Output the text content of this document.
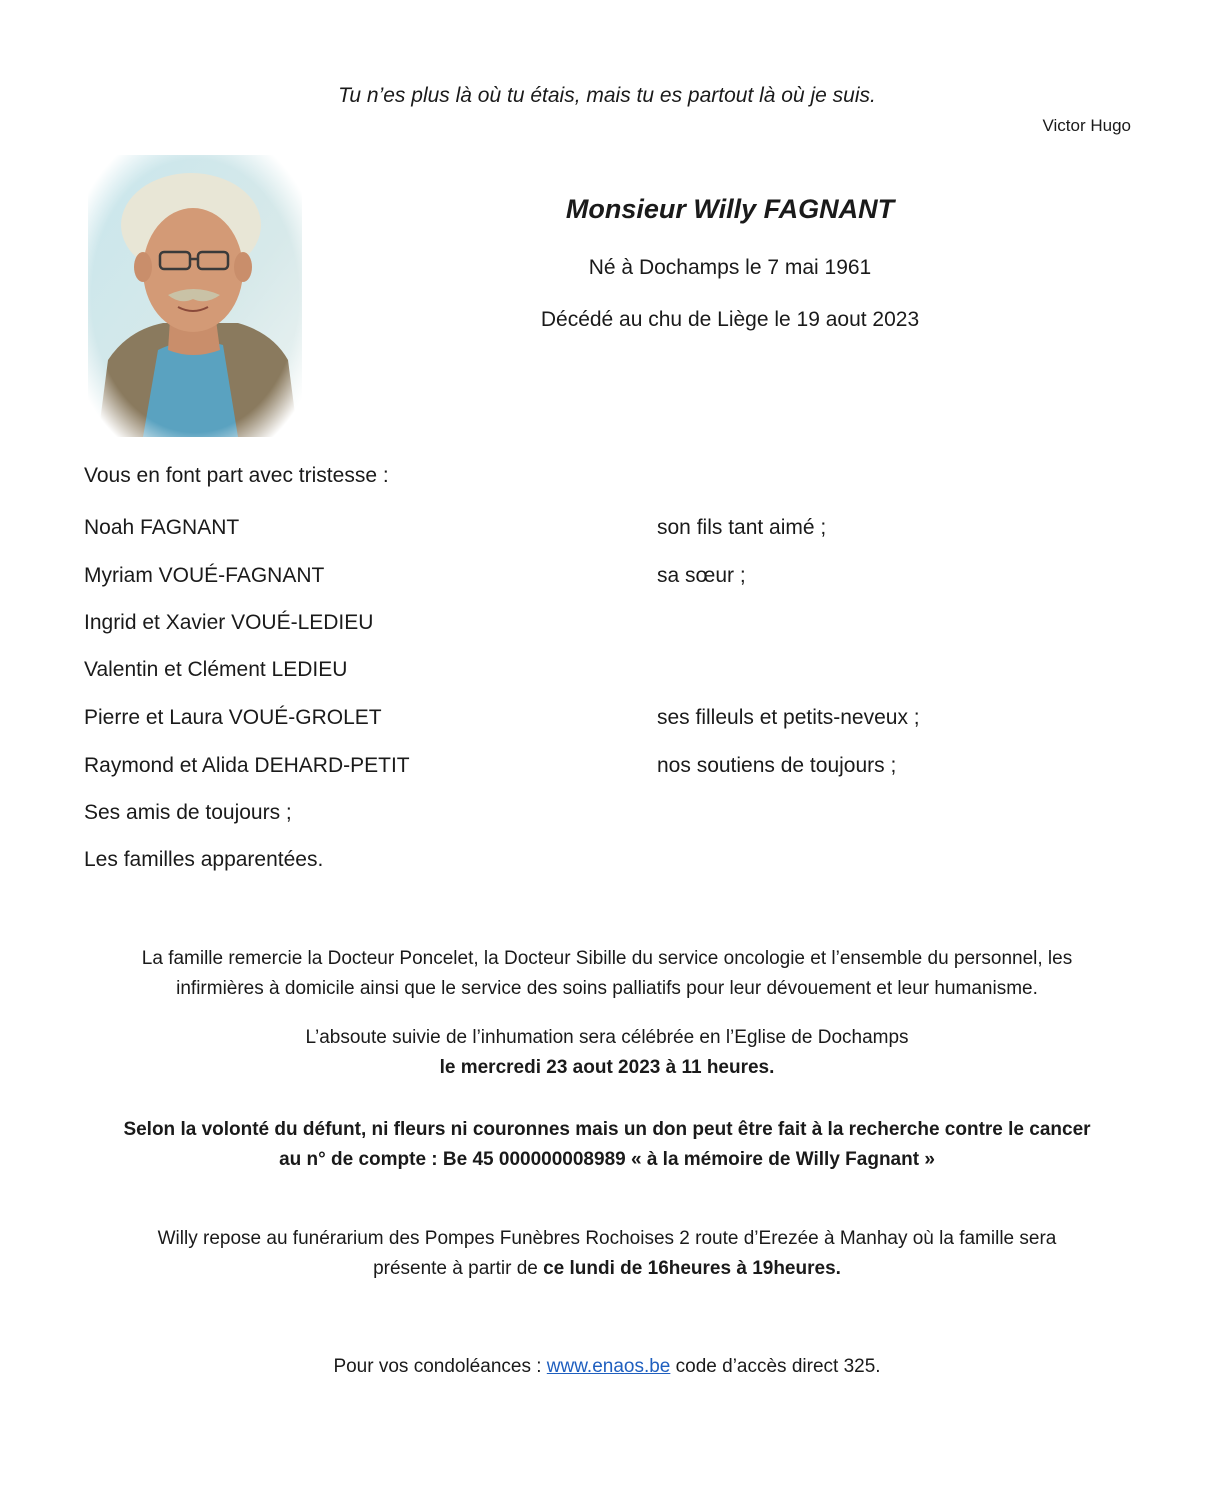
Tu n’es plus là où tu étais, mais tu es partout là où je suis.
Victor Hugo
Monsieur Willy FAGNANT
Né à Dochamps le 7 mai 1961
Décédé au chu de Liège le 19 aout 2023
Vous en font part avec tristesse :
Noah FAGNANT	son fils tant aimé ;
Myriam VOUÉ-FAGNANT	sa sœur ;
Ingrid et Xavier VOUÉ-LEDIEU
Valentin et Clément LEDIEU
Pierre et Laura VOUÉ-GROLET	ses filleuls et petits-neveux ;
Raymond et Alida DEHARD-PETIT	nos soutiens de toujours ;
Ses amis de toujours ;
Les familles apparentées.

La famille remercie la Docteur Poncelet, la Docteur Sibille du service oncologie et l’ensemble du personnel, les

infirmières à domicile ainsi que le service des soins palliatifs pour leur dévouement et leur humanisme.

L’absoute suivie de l’inhumation sera célébrée en l’Eglise de Dochamps

le mercredi 23 aout 2023 à 11 heures.

Selon la volonté du défunt, ni fleurs ni couronnes mais un don peut être fait à la recherche contre le cancer

au n° de compte : Be 45 000000008989 « à la mémoire de Willy Fagnant »

Willy repose au funérarium des Pompes Funèbres Rochoises 2 route d’Erezée à Manhay où la famille sera

présente à partir de ce lundi de 16heures à 19heures.

Pour vos condoléances : www.enaos.be code d’accès direct 325.
